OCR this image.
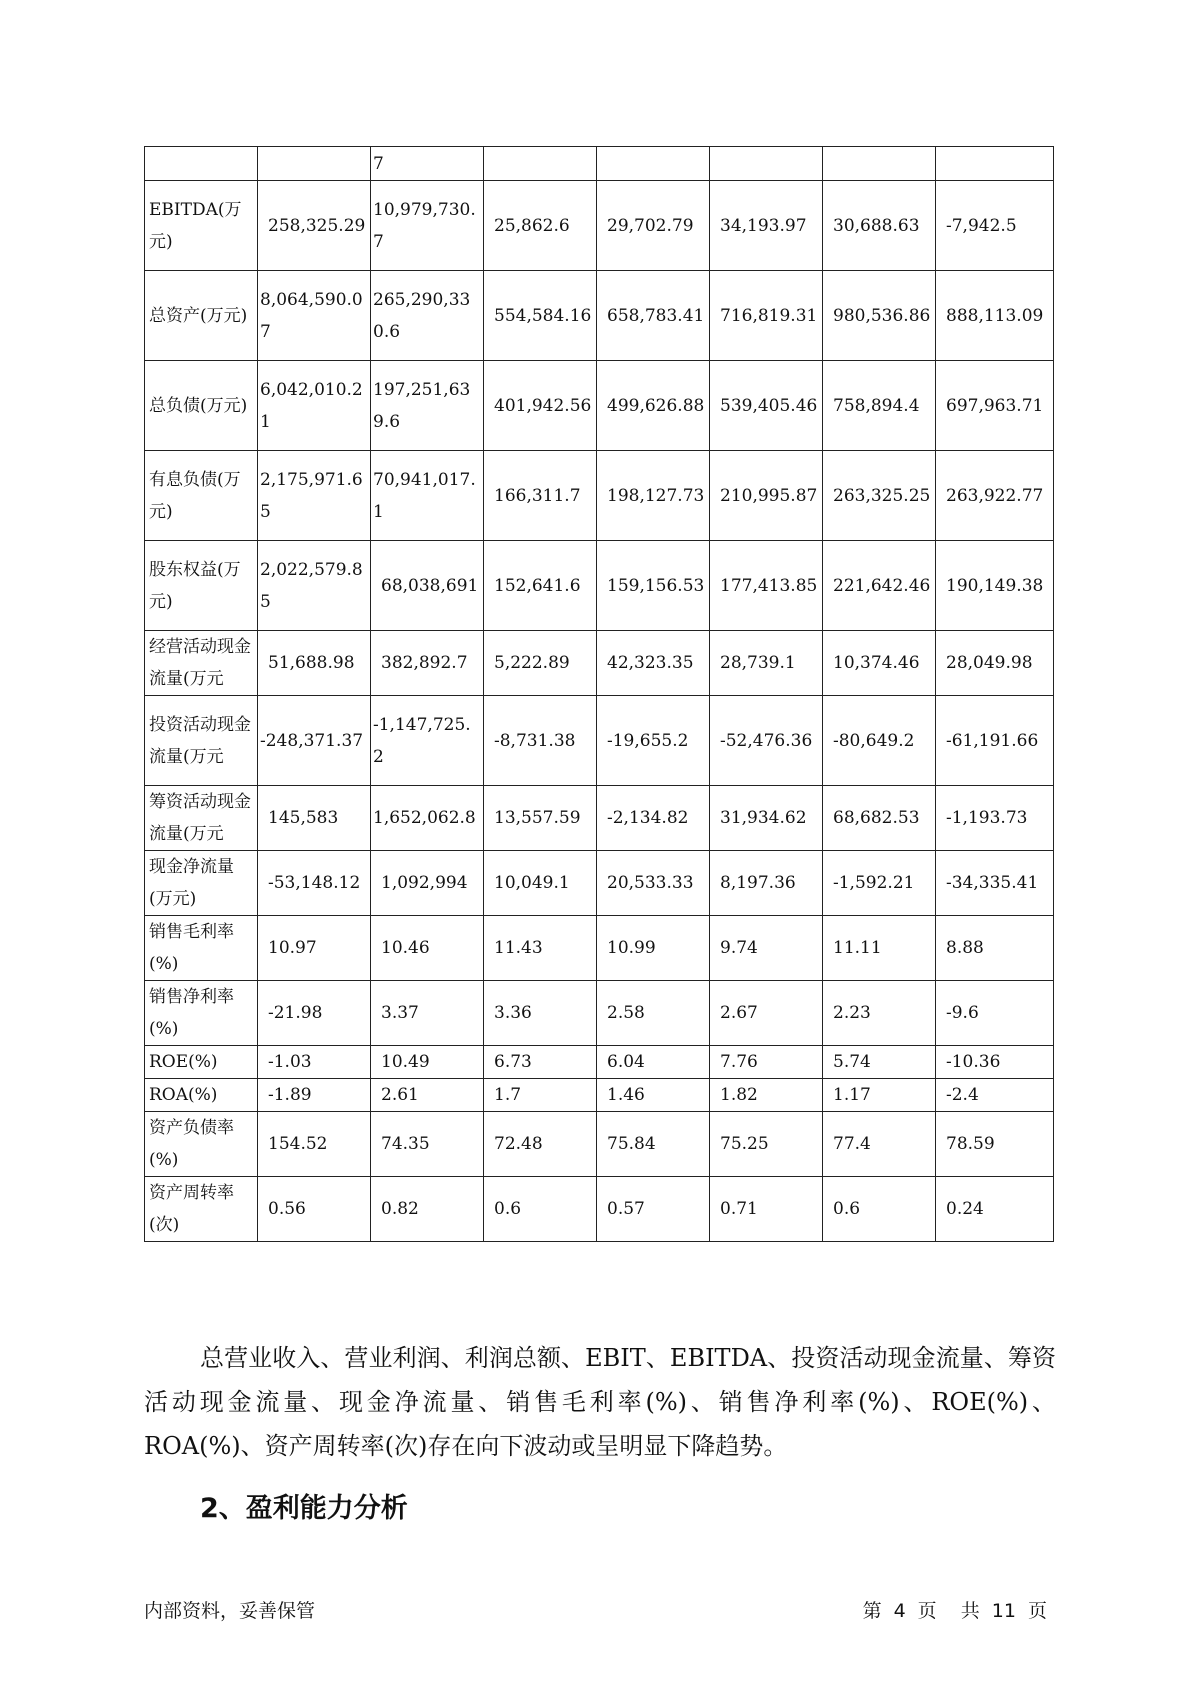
		7					
EBITDA(万元)	258,325.29	10,979,730.7	25,862.6	29,702.79	34,193.97	30,688.63	-7,942.5
总资产(万元)	8,064,590.07	265,290,330.6	554,584.16	658,783.41	716,819.31	980,536.86	888,113.09
总负债(万元)	6,042,010.21	197,251,639.6	401,942.56	499,626.88	539,405.46	758,894.4	697,963.71
有息负债(万元)	2,175,971.65	70,941,017.1	166,311.7	198,127.73	210,995.87	263,325.25	263,922.77
股东权益(万元)	2,022,579.85	68,038,691	152,641.6	159,156.53	177,413.85	221,642.46	190,149.38
经营活动现金流量(万元	51,688.98	382,892.7	5,222.89	42,323.35	28,739.1	10,374.46	28,049.98
投资活动现金流量(万元	-248,371.37	-1,147,725.2	-8,731.38	-19,655.2	-52,476.36	-80,649.2	-61,191.66
筹资活动现金流量(万元	145,583	1,652,062.8	13,557.59	-2,134.82	31,934.62	68,682.53	-1,193.73
现金净流量(万元)	-53,148.12	1,092,994	10,049.1	20,533.33	8,197.36	-1,592.21	-34,335.41
销售毛利率(%)	10.97	10.46	11.43	10.99	9.74	11.11	8.88
销售净利率(%)	-21.98	3.37	3.36	2.58	2.67	2.23	-9.6
ROE(%)	-1.03	10.49	6.73	6.04	7.76	5.74	-10.36
ROA(%)	-1.89	2.61	1.7	1.46	1.82	1.17	-2.4
资产负债率(%)	154.52	74.35	72.48	75.84	75.25	77.4	78.59
资产周转率(次)	0.56	0.82	0.6	0.57	0.71	0.6	0.24

总营业收入、营业利润、利润总额、EBIT、EBITDA、投资活动现金流量、筹资活动现金流量、现金净流量、销售毛利率(%)、销售净利率(%)、ROE(%)、ROA(%)、资产周转率(次)存在向下波动或呈明显下降趋势。

2、盈利能力分析
内部资料，妥善保管	第 4 页 共 11 页
